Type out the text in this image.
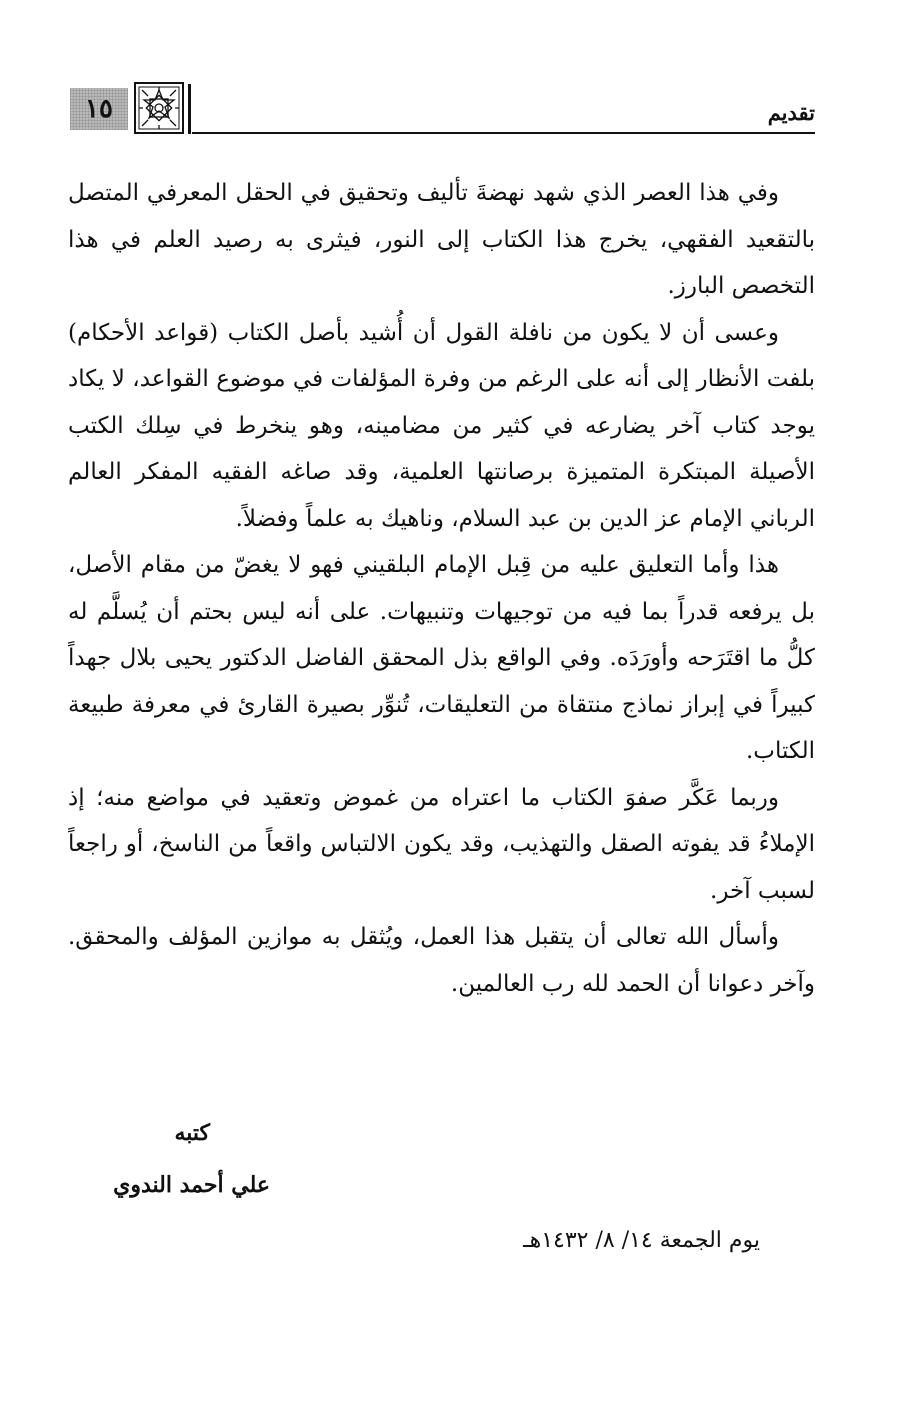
١٥	تقديم

وفي هذا العصر الذي شهد نهضةَ تأليف وتحقيق في الحقل المعرفي المتصل بالتقعيد الفقهي، يخرج هذا الكتاب إلى النور، فيثرى به رصيد العلم في هذا التخصص البارز.

وعسى أن لا يكون من نافلة القول أن أُشيد بأصل الكتاب (قواعد الأحكام) بلفت الأنظار إلى أنه على الرغم من وفرة المؤلفات في موضوع القواعد، لا يكاد يوجد كتاب آخر يضارعه في كثير من مضامينه، وهو ينخرط في سِلك الكتب الأصيلة المبتكرة المتميزة برصانتها العلمية، وقد صاغه الفقيه المفكر العالم الرباني الإمام عز الدين بن عبد السلام، وناهيك به علماً وفضلاً.

هذا وأما التعليق عليه من قِبل الإمام البلقيني فهو لا يغضّ من مقام الأصل، بل يرفعه قدراً بما فيه من توجيهات وتنبيهات. على أنه ليس بحتم أن يُسلَّم له كلُّ ما اقتَرَحه وأورَدَه. وفي الواقع بذل المحقق الفاضل الدكتور يحيى بلال جهداً كبيراً في إبراز نماذج منتقاة من التعليقات، تُنوِّر بصيرة القارئ في معرفة طبيعة الكتاب.

وربما عَكَّر صفوَ الكتاب ما اعتراه من غموض وتعقيد في مواضع منه؛ إذ الإملاءُ قد يفوته الصقل والتهذيب، وقد يكون الالتباس واقعاً من الناسخ، أو راجعاً لسبب آخر.

وأسأل الله تعالى أن يتقبل هذا العمل، ويُثقل به موازين المؤلف والمحقق. وآخر دعوانا أن الحمد لله رب العالمين.

كتبه
علي أحمد الندوي
يوم الجمعة ١٤/ ٨/ ١٤٣٢هـ
